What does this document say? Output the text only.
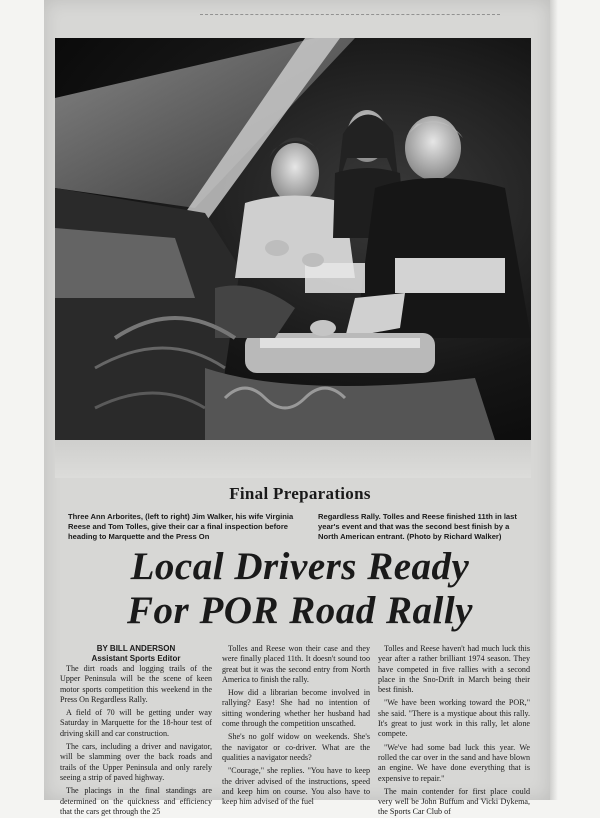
Final Preparations
Three Ann Arborites, (left to right) Jim Walker, his wife Virginia Reese and Tom Tolles, give their car a final inspection before heading to Marquette and the Press On
Regardless Rally. Tolles and Reese finished 11th in last year's event and that was the second best finish by a North American entrant. (Photo by Richard Walker)
Local Drivers Ready
For POR Road Rally
BY BILL ANDERSON
Assistant Sports Editor

The dirt roads and logging trails of the Upper Peninsula will be the scene of keen motor sports competition this weekend in the Press On Regardless Rally.

A field of 70 will be getting under way Saturday in Marquette for the 18-hour test of driving skill and car construction.

The cars, including a driver and navigator, will be slamming over the back roads and trails of the Upper Peninsula and only rarely seeing a strip of paved highway.

The placings in the final standings are determined on the quickness and efficiency that the cars get through the 25

Tolles and Reese won their case and they were finally placed 11th. It doesn't sound too great but it was the second entry from North America to finish the rally.

How did a librarian become involved in rallying? Easy! She had no intention of sitting wondering whether her husband had come through the competition unscathed.

She's no golf widow on weekends. She's the navigator or co-driver. What are the qualities a navigator needs?

"Courage," she replies. "You have to keep the driver advised of the instructions, speed and keep him on course. You also have to keep him advised of the fuel

Tolles and Reese haven't had much luck this year after a rather brilliant 1974 season. They have competed in five rallies with a second place in the Sno-Drift in March being their best finish.

"We have been working toward the POR," she said. "There is a mystique about this rally. It's great to just work in this rally, let alone compete.

"We've had some bad luck this year. We rolled the car over in the sand and have blown an engine. We have done everything that is expensive to repair."

The main contender for first place could very well be John Buffum and Vicki Dykema, the Sports Car Club of
